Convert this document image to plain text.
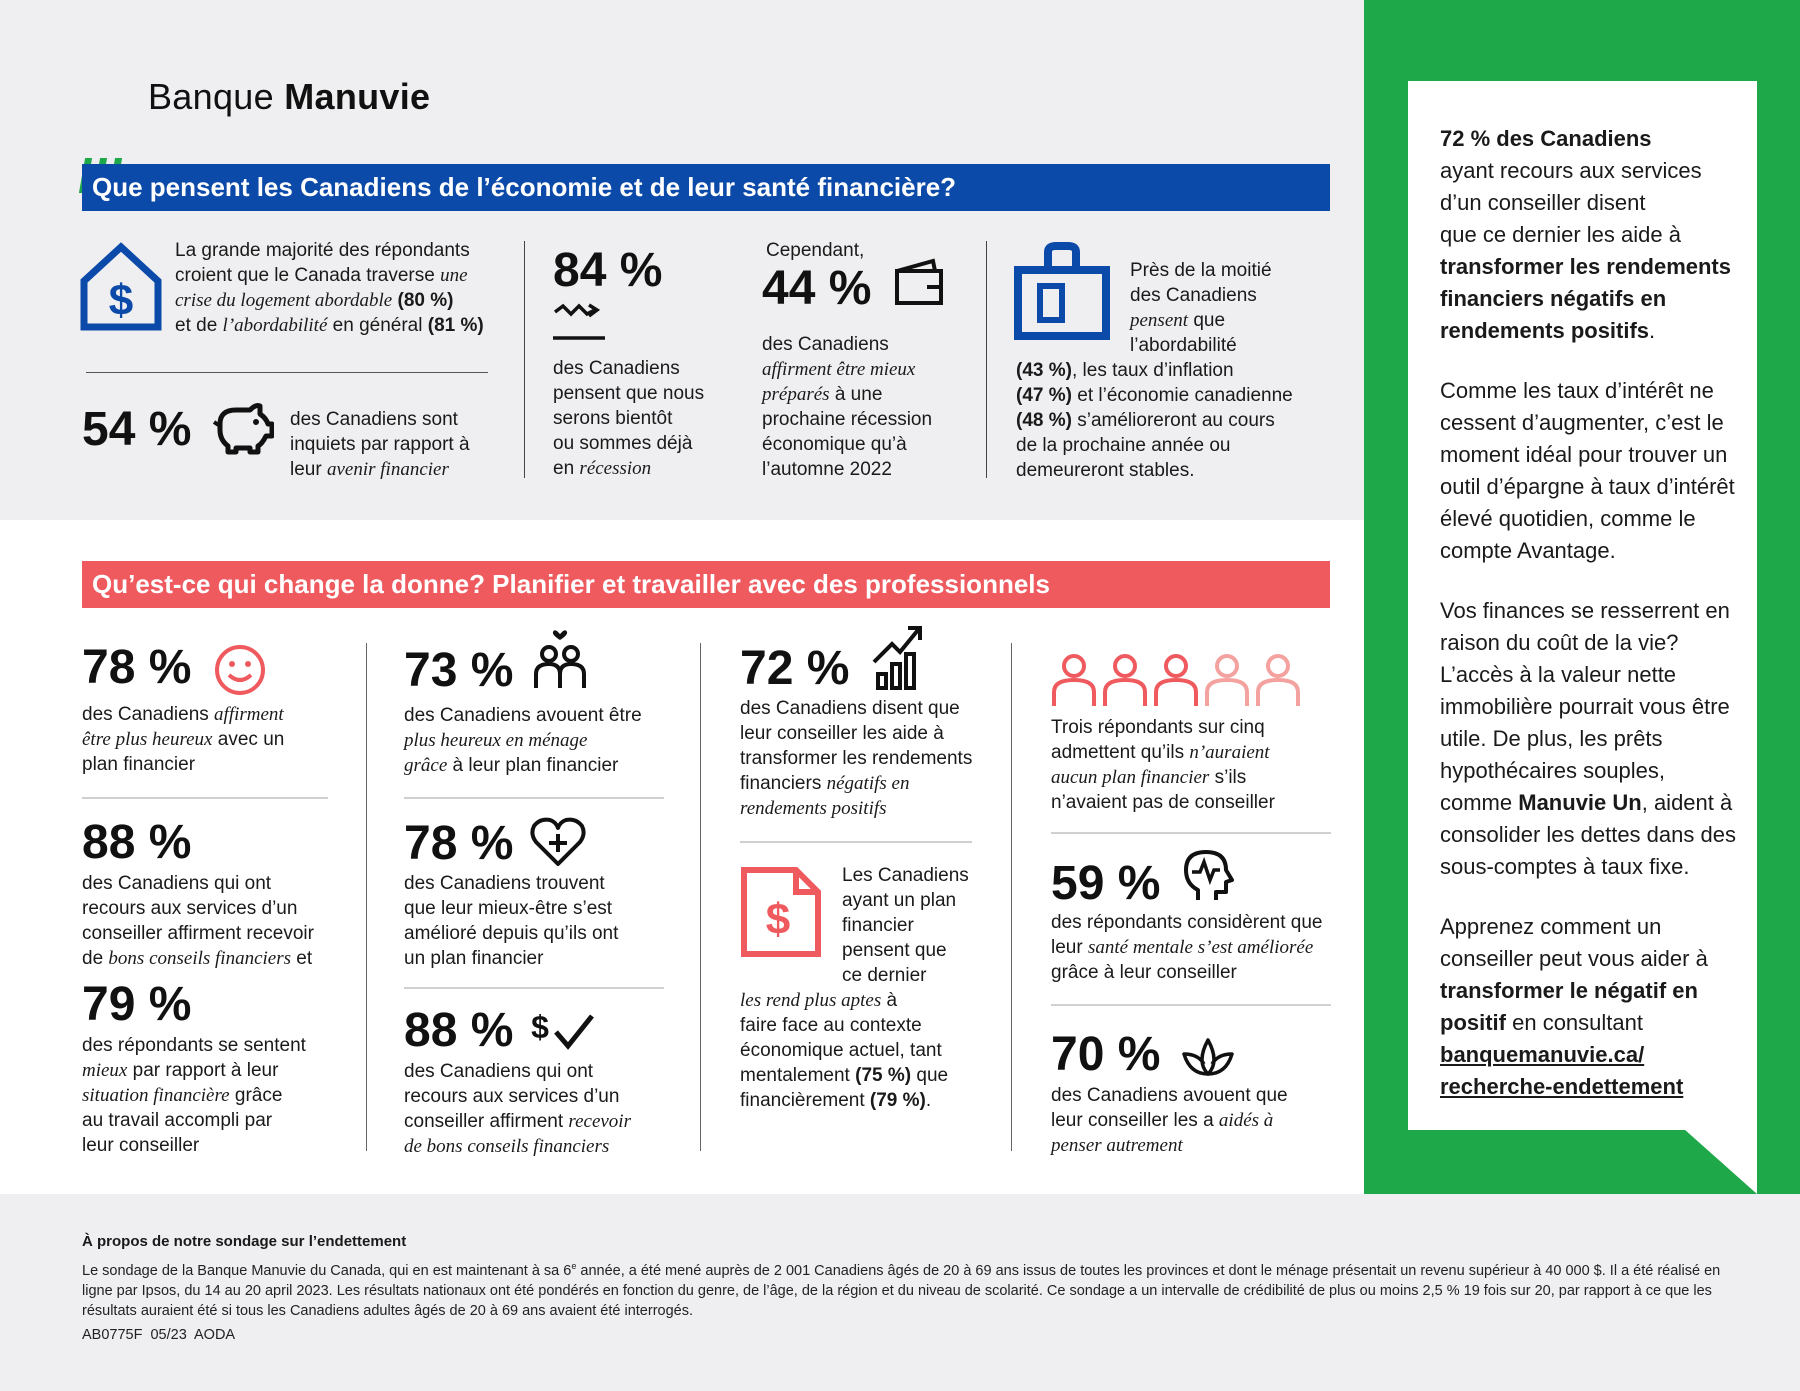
Banque Manuvie
Que pensent les Canadiens de l’économie et de leur santé financière?
$
La grande majorité des répondants
croient que le Canada traverse une
crise du logement abordable (80 %)
et de l’abordabilité en général (81 %)
54 %	des Canadiens sont
inquiets par rapport à
leur avenir financier
84 %
des Canadiens
pensent que nous
serons bientôt
ou sommes déjà
en récession
Cependant,
44 %
des Canadiens
affirment être mieux
préparés à une
prochaine récession
économique qu’à
l’automne 2022
Près de la moitié
des Canadiens
pensent que
l’abordabilité
(43 %), les taux d’inflation
(47 %) et l’économie canadienne
(48 %) s’amélioreront au cours
de la prochaine année ou
demeureront stables.
Qu’est-ce qui change la donne? Planifier et travailler avec des professionnels
78 %
des Canadiens affirment
être plus heureux avec un
plan financier
88 %
des Canadiens qui ont
recours aux services d’un
conseiller affirment recevoir
de bons conseils financiers et
79 %
des répondants se sentent
mieux par rapport à leur
situation financière grâce
au travail accompli par
leur conseiller
73 %
des Canadiens avouent être
plus heureux en ménage
grâce à leur plan financier
78 %
des Canadiens trouvent
que leur mieux-être s’est
amélioré depuis qu’ils ont
un plan financier
88 % $
des Canadiens qui ont
recours aux services d’un
conseiller affirment recevoir
de bons conseils financiers
72 %
des Canadiens disent que
leur conseiller les aide à
transformer les rendements
financiers négatifs en
rendements positifs
$
Les Canadiens
ayant un plan
financier
pensent que
ce dernier
les rend plus aptes à
faire face au contexte
économique actuel, tant
mentalement (75 %) que
financièrement (79 %).
Trois répondants sur cinq
admettent qu’ils n’auraient
aucun plan financier s’ils
n’avaient pas de conseiller
59 %
des répondants considèrent que
leur santé mentale s’est améliorée
grâce à leur conseiller
70 %
des Canadiens avouent que
leur conseiller les a aidés à
penser autrement

72 % des Canadiens
ayant recours aux services
d’un conseiller disent
que ce dernier les aide à
transformer les rendements
financiers négatifs en
rendements positifs.

Comme les taux d’intérêt ne cessent d’augmenter, c’est le moment idéal pour trouver un outil d’épargne à taux d’intérêt élevé quotidien, comme le compte Avantage.

Vos finances se resserrent en raison du coût de la vie? L’accès à la valeur nette immobilière pourrait vous être utile. De plus, les prêts hypothécaires souples, comme Manuvie Un, aident à consolider les dettes dans des sous-comptes à taux fixe.

Apprenez comment un conseiller peut vous aider à transformer le négatif en positif en consultant
banquemanuvie.ca/
recherche-endettement

À propos de notre sondage sur l’endettement
Le sondage de la Banque Manuvie du Canada, qui en est maintenant à sa 6e année, a été mené auprès de 2 001 Canadiens âgés de 20 à 69 ans issus de toutes les provinces et dont le ménage présentait un revenu supérieur à 40 000 $. Il a été réalisé en ligne par Ipsos, du 14 au 20 april 2023. Les résultats nationaux ont été pondérés en fonction du genre, de l’âge, de la région et du niveau de scolarité. Ce sondage a un intervalle de crédibilité de plus ou moins 2,5 % 19 fois sur 20, par rapport à ce que les résultats auraient été si tous les Canadiens adultes âgés de 20 à 69 ans avaient été interrogés.
AB0775F 05/23 AODA
